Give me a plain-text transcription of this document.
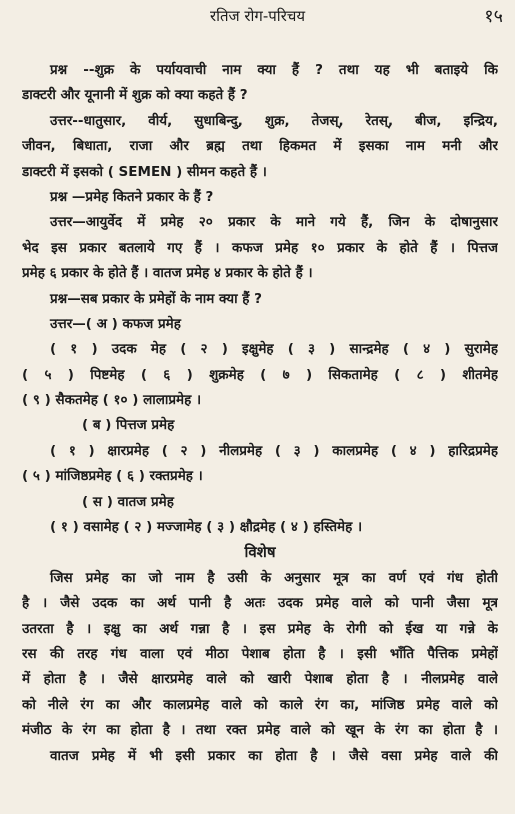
रतिज रोग-परिचय	१५
प्रश्न --शुक्र के पर्यायवाची नाम क्या हैं ? तथा यह भी बताइये कि
डाक्टरी और यूनानी में शुक्र को क्या कहते हैं ?
उत्तर--धातुसार, वीर्य, सुधाबिन्दु, शुक्र, तेजस्, रेतस्, बीज, इन्द्रिय,
जीवन, बिधाता, राजा और ब्रह्म तथा हिकमत में इसका नाम मनी और
डाक्टरी में इसको ( SEMEN ) सीमन कहते हैं ।
प्रश्न —प्रमेह कितने प्रकार के हैं ?
उत्तर—आयुर्वेद में प्रमेह २० प्रकार के माने गये हैं, जिन के दोषानुसार
भेद इस प्रकार बतलाये गए हैं । कफज प्रमेह १० प्रकार के होते हैं । पित्तज
प्रमेह ६ प्रकार के होते हैं । वातज प्रमेह ४ प्रकार के होते हैं ।
प्रश्न—सब प्रकार के प्रमेहों के नाम क्या हैं ?
उत्तर—( अ ) कफज प्रमेह
( १ ) उदक मेह ( २ ) इक्षुमेह ( ३ ) सान्द्रमेह ( ४ ) सुरामेह
( ५ ) पिष्टमेह ( ६ ) शुक्रमेह ( ७ ) सिकतामेह ( ८ ) शीतमेह
( ९ ) सैकतमेह ( १० ) लालाप्रमेह ।
( ब ) पित्तज प्रमेह
( १ ) क्षारप्रमेह ( २ ) नीलप्रमेह ( ३ ) कालप्रमेह ( ४ ) हारिद्रप्रमेह
( ५ ) मांजिष्ठप्रमेह ( ६ ) रक्तप्रमेह ।
( स ) वातज प्रमेह
( १ ) वसामेह ( २ ) मज्जामेह ( ३ ) क्षौद्रमेह ( ४ ) हस्तिमेह ।
विशेष
जिस प्रमेह का जो नाम है उसी के अनुसार मूत्र का वर्ण एवं गंध होती
है । जैसे उदक का अर्थ पानी है अतः उदक प्रमेह वाले को पानी जैसा मूत्र
उतरता है । इक्षु का अर्थ गन्ना है । इस प्रमेह के रोगी को ईख या गन्ने के
रस की तरह गंध वाला एवं मीठा पेशाब होता है । इसी भाँति पैत्तिक प्रमेहों
में होता है । जैसे क्षारप्रमेह वाले को खारी पेशाब होता है । नीलप्रमेह वाले
को नीले रंग का और कालप्रमेह वाले को काले रंग का, मांजिष्ठ प्रमेह वाले को
मंजीठ के रंग का होता है । तथा रक्त प्रमेह वाले को खून के रंग का होता है ।
वातज प्रमेह में भी इसी प्रकार का होता है । जैसे वसा प्रमेह वाले की
